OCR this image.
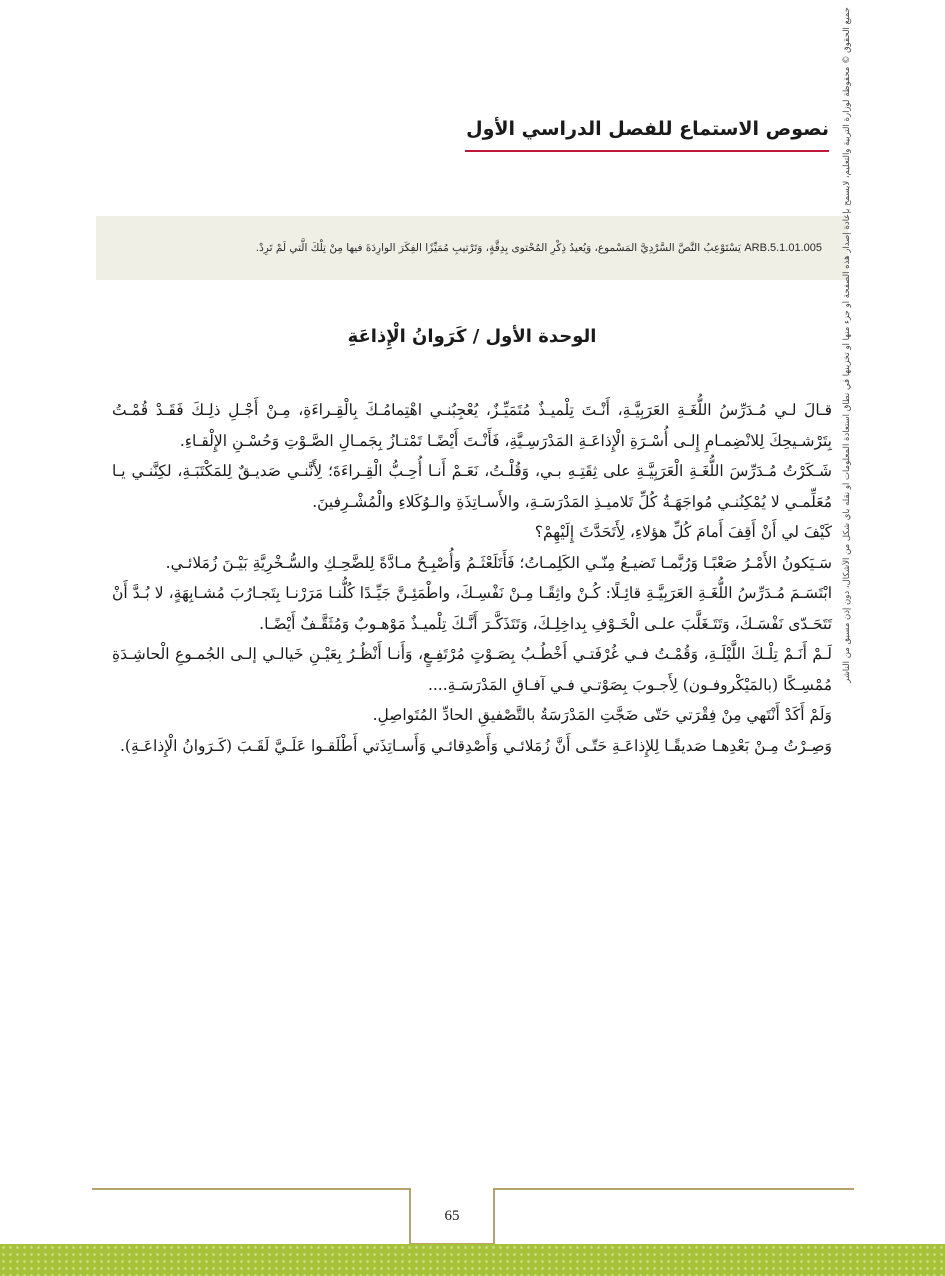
نصوص الاستماع للفصل الدراسي الأول
ARB.5.1.01.005 يَسْتَوْعِبُ النَّصَّ السَّرْدِيَّ المَسْموع، وَيُعيدُ ذِكْرِ المُحْتوى بِدِقَّةٍ، وَتَرْتيبِ مُمَيِّزًا الفِكَرَ الوارِدَةَ فيها مِنْ تِلْكَ الَّتي لَمْ تَرِدْ.	جميع الحقوق © محفوظة لوزارة التربية والتعليم، لايسمح بإعادة إصدار هذه الصفحة أو جزء منها أو تخزينها في نطاق استعادة المعلومات أو نقله بأي شكل من الأشكال، دون إذن مسبق من الناشر
الوحدة الأول / كَرَوانُ الْإِذاعَةِ

قـالَ لـي مُـدَرِّسُ اللُّغَـةِ العَرَبِيَّـةِ، أَنْـتَ تِلْميـذٌ مُتَمَيِّـزٌ، يُعْجِبُنـي اهْتِمامُـكَ بِالْقِـراءَةِ، مِـنْ أَجْـلِ ذلِـكَ فَقَـدْ قُمْـتُ بِتَرْشـيحِكَ لِلانْضِمـامِ إِلـى أُسْـرَةِ الْإِذاعَـةِ المَدْرَسِـيَّةِ، فَأَنْـتَ أَيْضًـا تَمْتـازُ بِجَمـالِ الصَّـوْتِ وَحُسْـنِ الإِلْقـاءِ.

شَـكَرْتُ مُـدَرِّسَ اللُّغَـةِ الْعَرَبِيَّـةِ على ثِقَتِـهِ بـي، وَقُلْـتُ، نَعَـمْ أَنـا أُحِـبُّ الْقِـراءَةَ؛ لِأَنَّنـي صَديـقٌ لِلمَكْتَبَـةِ، لكِنَّنـي يـا مُعَلِّمـي لا يُمْكِنُنـي مُواجَهَـةُ كُلِّ تَلاميـذِ المَدْرَسَـةِ، والأَسـاتِذَةِ والـوُكَلاءِ والْمُشْـرِفينَ.

كَيْفَ لي أَنْ أَقِفَ أَمامَ كُلِّ هؤلاءِ، لِأَتَحَدَّثَ إِلَيْهِمْ؟

سَـيَكونُ الأَمْـرُ صَعْبًـا وَرُبَّمـا تَضيـعُ مِنّـي الكَلِمـاتُ؛ فَأَتَلَعْثَـمُ وَأُصْبِـحُ مـادَّةً لِلضَّحِـكِ والسُّـخْرِيَّةِ بَيْـنَ زُمَلائـي.

ابْتَسَـمَ مُـدَرِّسُ اللُّغَـةِ العَرَبِيَّـةِ قائِـلًا: كُـنْ واثِقًـا مِـنْ نَفْسِـكَ، واطْمَئِـنَّ جَيِّـدًا كُلُّنـا مَرَرْنـا بِتَجـارُبَ مُشـابِهَةٍ، لا بُـدَّ أَنْ تَتَحَـدّى نَفْسَـكَ، وَتَتَـغَلَّبَ علـى الْخَـوْفِ بِداخِلِـكَ، وَتَتَذَكَّـرَ أَنَّـكَ تِلْميـذٌ مَوْهـوبٌ وَمُثَقَّـفٌ أَيْضًـا.

لَـمْ أَنَـمْ تِلْـكَ اللَّيْلَـةِ، وَقُمْـتُ فـي غُرْفَتـي أَخْطُـبُ بِصَـوْتٍ مُرْتَفِـعٍ، وَأَنـا أَنْظُـرُ بِعَيْـنِ خَيالـي إلـى الجُمـوعِ الْحاشِـدَةِ مُمْسِـكًا (بالمَيْكْروفـون) لِأَجـوبَ بِصَوْتـي فـي آفـاقِ المَدْرَسَـةِ....

وَلَمْ أَكَدْ أَنْتَهي مِنْ فِقْرَتي حَتّى ضَجَّتِ المَدْرَسَةُ بالتَّصْفيقِ الحادِّ المُتَواصِلِ.

وَصِـرْتُ مِـنْ بَعْدِهـا صَديقًـا لِلإِذاعَـةِ حَتّـى أَنَّ زُمَلائـي وَأَصْدِقائـي وَأَسـاتِذَتي أَطْلَقـوا عَلَـيَّ لَقَـبَ (كَـرَوانُ الْإِذاعَـةِ).

65
